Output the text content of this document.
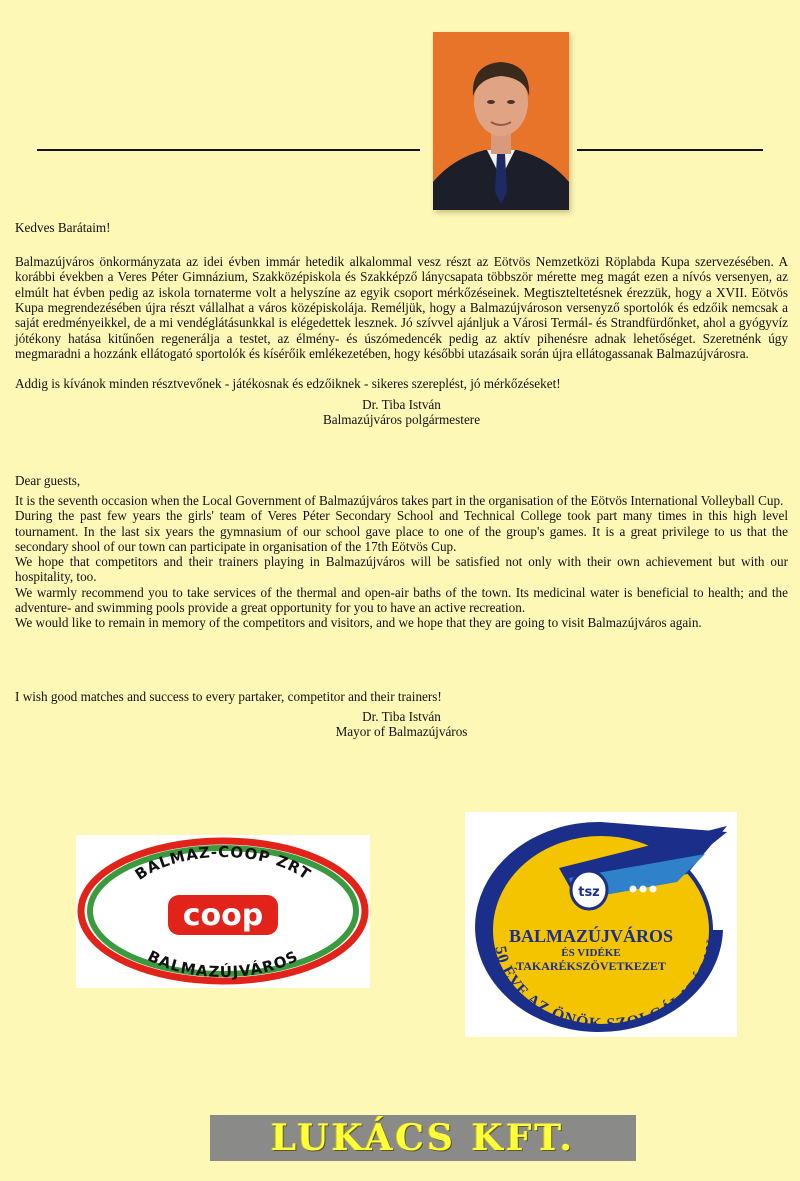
Kedves Barátaim!

Balmazújváros önkormányzata az idei évben immár hetedik alkalommal vesz részt az Eötvös Nemzetközi Röplabda Kupa szervezésében. A korábbi években a Veres Péter Gimnázium, Szakközépiskola és Szakképző lánycsapata többször mérette meg magát ezen a nívós versenyen, az elmúlt hat évben pedig az iskola tornaterme volt a helyszíne az egyik csoport mérkőzéseinek. Megtiszteltetésnek érezzük, hogy a XVII. Eötvös Kupa megrendezésében újra részt vállalhat a város középiskolája. Reméljük, hogy a Balmazújvároson versenyző sportolók és edzőik nemcsak a saját eredményeikkel, de a mi vendéglátásunkkal is elégedettek lesznek. Jó szívvel ajánljuk a Városi Termál- és Strandfürdőnket, ahol a gyógyvíz jótékony hatása kitűnően regenerálja a testet, az élmény- és úszómedencék pedig az aktív pihenésre adnak lehetőséget. Szeretnénk úgy megmaradni a hozzánk ellátogató sportolók és kísérőik emlékezetében, hogy későbbi utazásaik során újra ellátogassanak Balmazújvárosra.

Addig is kívánok minden résztvevőnek - játékosnak és edzőiknek - sikeres szereplést, jó mérkőzéseket!

Dr. Tiba István

Balmazújváros polgármestere

Dear guests,

It is the seventh occasion when the Local Government of Balmazújváros takes part in the organisation of the Eötvös International Volleyball Cup.

During the past few years the girls' team of Veres Péter Secondary School and Technical College took part many times in this high level tournament. In the last six years the gymnasium of our school gave place to one of the group's games. It is a great privilege to us that the secondary shool of our town can participate in organisation of the 17th Eötvös Cup.

We hope that competitors and their trainers playing in Balmazújváros will be satisfied not only with their own achievement but with our hospitality, too.

We warmly recommend you to take services of the thermal and open-air baths of the town. Its medicinal water is beneficial to health; and the adventure- and swimming pools provide a great opportunity for you to have an active recreation.

We would like to remain in memory of the competitors and visitors, and we hope that they are going to visit Balmazújváros again.

I wish good matches and success to every partaker, competitor and their trainers!

Dr. Tiba István

Mayor of Balmazújváros

BALMAZ-COOP ZRT
BALMAZÚJVÁROS
coop
tsz
BALMAZÚJVÁROS
ÉS VIDÉKE
TAKARÉKSZÖVETKEZET
50 ÉVE AZ ÖNÖK SZOLGÁLATÁBAN
LUKÁCS KFT.
